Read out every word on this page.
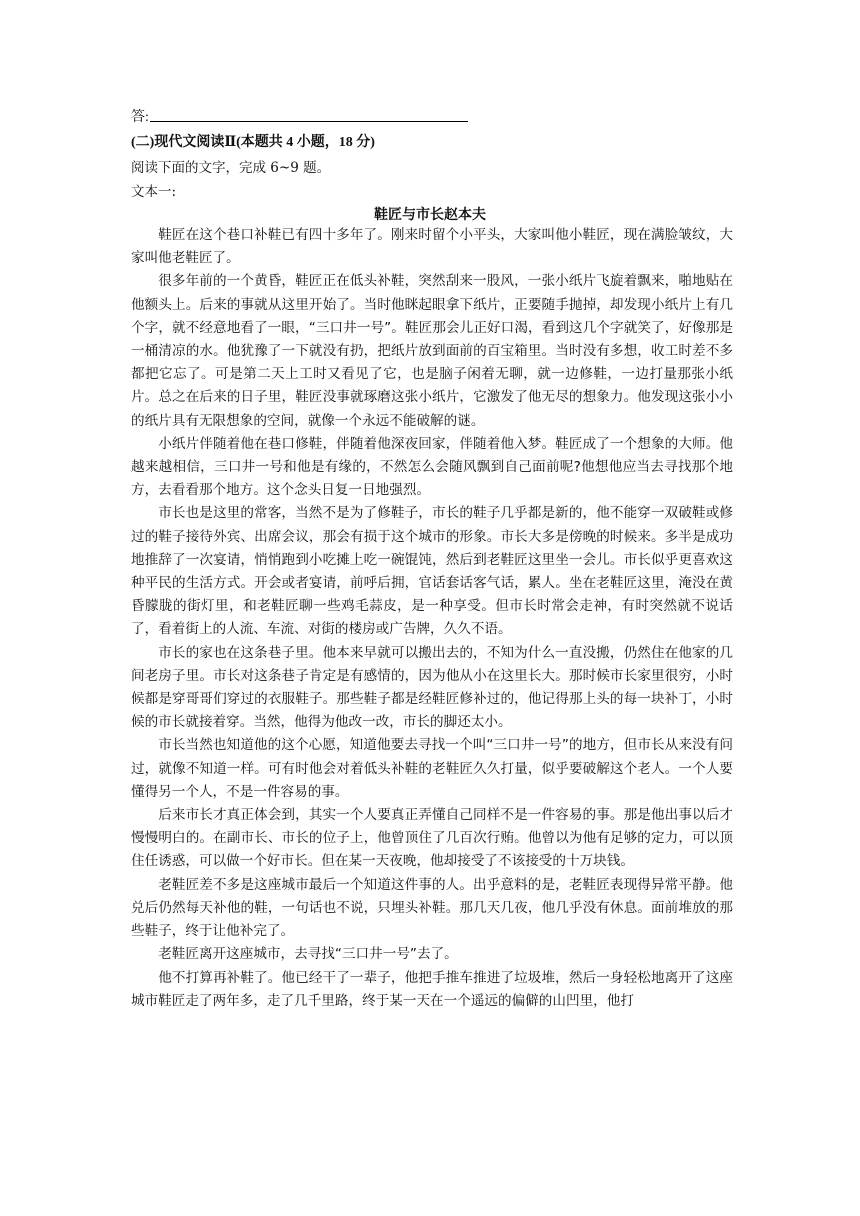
答:
(二)现代文阅读Ⅱ(本题共 4 小题，18 分)
阅读下面的文字，完成 6~9 题。
文本一:
鞋匠与市长赵本夫

鞋匠在这个巷口补鞋已有四十多年了。刚来时留个小平头，大家叫他小鞋匠，现在满脸皱纹，大家叫他老鞋匠了。

很多年前的一个黄昏，鞋匠正在低头补鞋，突然刮来一股风，一张小纸片飞旋着飘来，啪地贴在他额头上。后来的事就从这里开始了。当时他眯起眼拿下纸片，正要随手抛掉，却发现小纸片上有几个字，就不经意地看了一眼，“三口井一号”。鞋匠那会儿正好口渴，看到这几个字就笑了，好像那是一桶清凉的水。他犹豫了一下就没有扔，把纸片放到面前的百宝箱里。当时没有多想，收工时差不多都把它忘了。可是第二天上工时又看见了它，也是脑子闲着无聊，就一边修鞋，一边打量那张小纸片。总之在后来的日子里，鞋匠没事就琢磨这张小纸片，它激发了他无尽的想象力。他发现这张小小的纸片具有无限想象的空间，就像一个永远不能破解的谜。

小纸片伴随着他在巷口修鞋，伴随着他深夜回家，伴随着他入梦。鞋匠成了一个想象的大师。他越来越相信，三口井一号和他是有缘的，不然怎么会随风飘到自己面前呢?他想他应当去寻找那个地方，去看看那个地方。这个念头日复一日地强烈。

市长也是这里的常客，当然不是为了修鞋子，市长的鞋子几乎都是新的，他不能穿一双破鞋或修过的鞋子接待外宾、出席会议，那会有损于这个城市的形象。市长大多是傍晚的时候来。多半是成功地推辞了一次宴请，悄悄跑到小吃摊上吃一碗馄饨，然后到老鞋匠这里坐一会儿。市长似乎更喜欢这种平民的生活方式。开会或者宴请，前呼后拥，官话套话客气话，累人。坐在老鞋匠这里，淹没在黄昏朦胧的街灯里，和老鞋匠聊一些鸡毛蒜皮，是一种享受。但市长时常会走神，有时突然就不说话了，看着街上的人流、车流、对街的楼房或广告牌，久久不语。

市长的家也在这条巷子里。他本来早就可以搬出去的，不知为什么一直没搬，仍然住在他家的几间老房子里。市长对这条巷子肯定是有感情的，因为他从小在这里长大。那时候市长家里很穷，小时候都是穿哥哥们穿过的衣服鞋子。那些鞋子都是经鞋匠修补过的，他记得那上头的每一块补丁，小时候的市长就接着穿。当然，他得为他改一改，市长的脚还太小。

市长当然也知道他的这个心愿，知道他要去寻找一个叫“三口井一号”的地方，但市长从来没有问过，就像不知道一样。可有时他会对着低头补鞋的老鞋匠久久打量，似乎要破解这个老人。一个人要懂得另一个人，不是一件容易的事。

后来市长才真正体会到，其实一个人要真正弄懂自己同样不是一件容易的事。那是他出事以后才慢慢明白的。在副市长、市长的位子上，他曾顶住了几百次行贿。他曾以为他有足够的定力，可以顶住任诱惑，可以做一个好市长。但在某一天夜晚，他却接受了不该接受的十万块钱。

老鞋匠差不多是这座城市最后一个知道这件事的人。出乎意料的是，老鞋匠表现得异常平静。他兑后仍然每天补他的鞋，一句话也不说，只埋头补鞋。那几天几夜，他几乎没有休息。面前堆放的那些鞋子，终于让他补完了。

老鞋匠离开这座城市，去寻找“三口井一号”去了。

他不打算再补鞋了。他已经干了一辈子，他把手推车推进了垃圾堆，然后一身轻松地离开了这座城市鞋匠走了两年多，走了几千里路，终于某一天在一个遥远的偏僻的山凹里，他打
